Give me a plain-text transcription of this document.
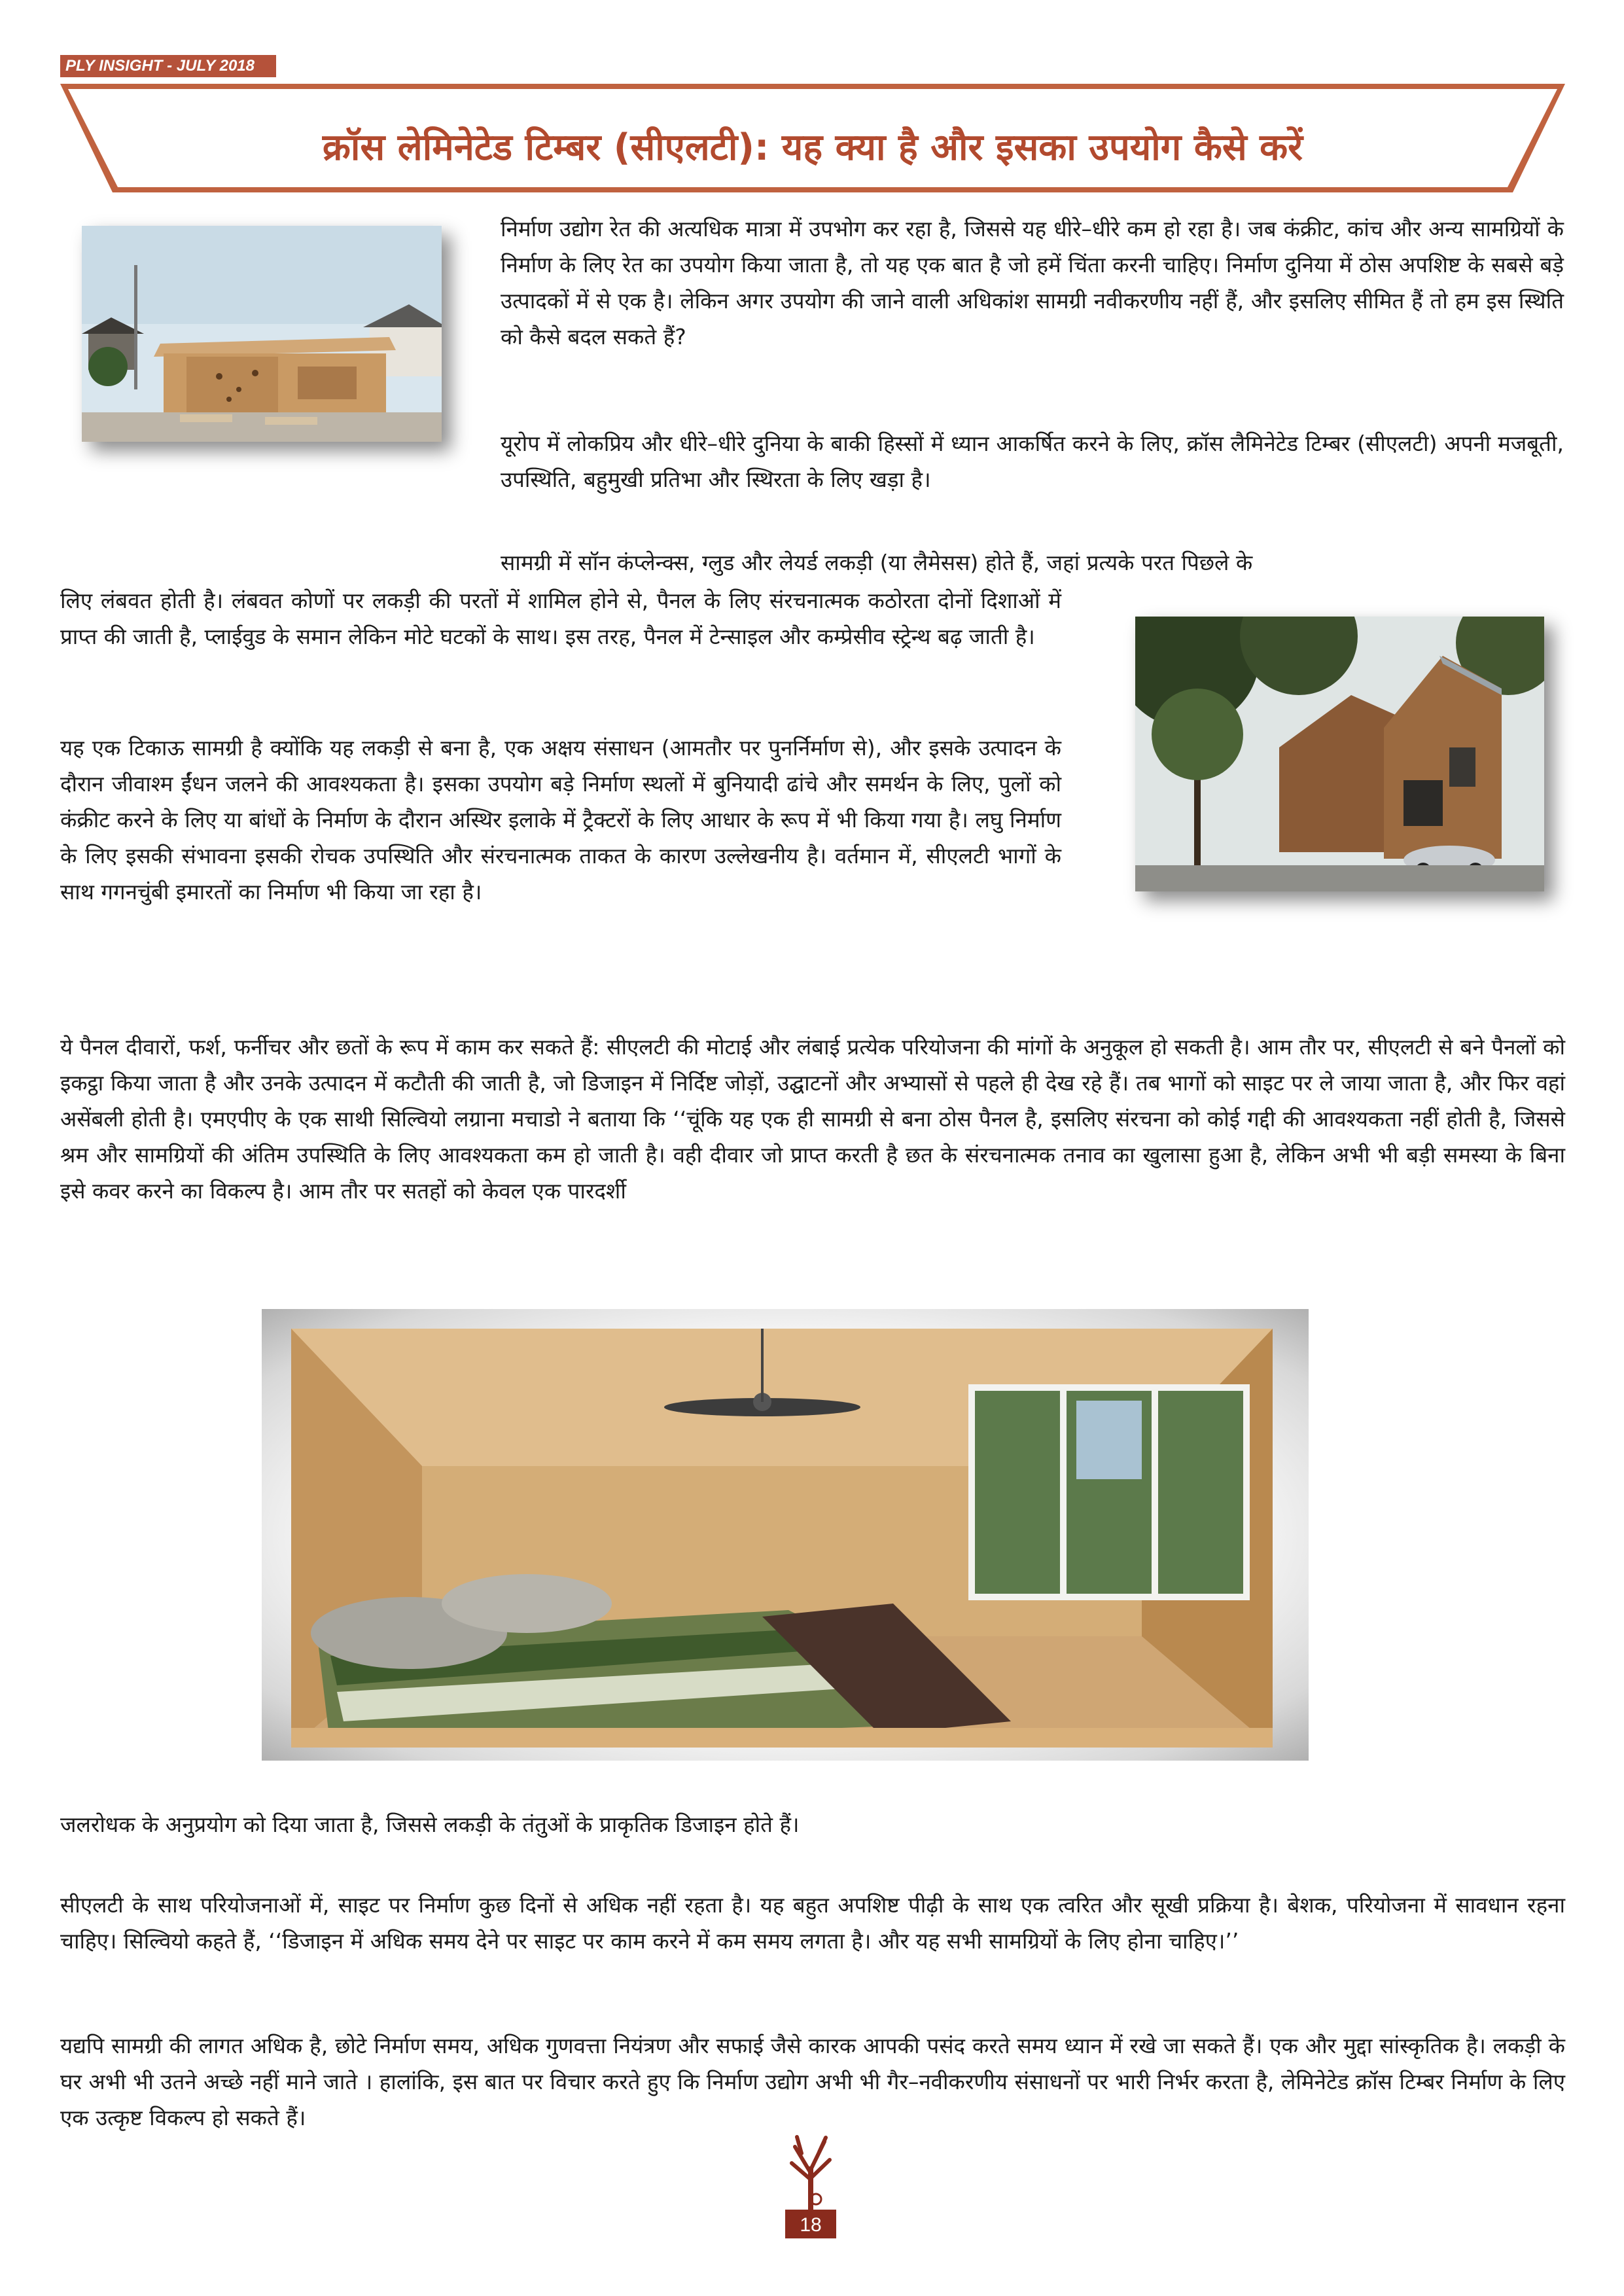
PLY INSIGHT - JULY 2018
क्रॉस लेमिनेटेड टिम्बर (सीएलटी): यह क्या है और इसका उपयोग कैसे करें

निर्माण उद्योग रेत की अत्यधिक मात्रा में उपभोग कर रहा है, जिससे यह धीरे–धीरे कम हो रहा है। जब कंक्रीट, कांच और अन्य सामग्रियों के निर्माण के लिए रेत का उपयोग किया जाता है, तो यह एक बात है जो हमें चिंता करनी चाहिए। निर्माण दुनिया में ठोस अपशिष्ट के सबसे बड़े उत्पादकों में से एक है। लेकिन अगर उपयोग की जाने वाली अधिकांश सामग्री नवीकरणीय नहीं हैं, और इसलिए सीमित हैं तो हम इस स्थिति को कैसे बदल सकते हैं?

यूरोप में लोकप्रिय और धीरे–धीरे दुनिया के बाकी हिस्सों में ध्यान आकर्षित करने के लिए, क्रॉस लैमिनेटेड टिम्बर (सीएलटी) अपनी मजबूती, उपस्थिति, बहुमुखी प्रतिभा और स्थिरता के लिए खड़ा है।

सामग्री में सॉन कंप्लेन्क्स, ग्लुड और लेयर्ड लकड़ी (या लैमेसस) होते हैं, जहां प्रत्यके परत पिछले के

लिए लंबवत होती है। लंबवत कोणों पर लकड़ी की परतों में शामिल होने से, पैनल के लिए संरचनात्मक कठोरता दोनों दिशाओं में प्राप्त की जाती है, प्लाईवुड के समान लेकिन मोटे घटकों के साथ। इस तरह, पैनल में टेन्साइल और कम्प्रेसीव स्ट्रेन्थ बढ़ जाती है।

यह एक टिकाऊ सामग्री है क्योंकि यह लकड़ी से बना है, एक अक्षय संसाधन (आमतौर पर पुनर्निर्माण से), और इसके उत्पादन के दौरान जीवाश्म ईंधन जलने की आवश्यकता है। इसका उपयोग बड़े निर्माण स्थलों में बुनियादी ढांचे और समर्थन के लिए, पुलों को कंक्रीट करने के लिए या बांधों के निर्माण के दौरान अस्थिर इलाके में ट्रैक्टरों के लिए आधार के रूप में भी किया गया है। लघु निर्माण के लिए इसकी संभावना इसकी रोचक उपस्थिति और संरचनात्मक ताकत के कारण उल्लेखनीय है। वर्तमान में, सीएलटी भागों के साथ गगनचुंबी इमारतों का निर्माण भी किया जा रहा है।

ये पैनल दीवारों, फर्श, फर्नीचर और छतों के रूप में काम कर सकते हैं: सीएलटी की मोटाई और लंबाई प्रत्येक परियोजना की मांगों के अनुकूल हो सकती है। आम तौर पर, सीएलटी से बने पैनलों को इकट्ठा किया जाता है और उनके उत्पादन में कटौती की जाती है, जो डिजाइन में निर्दिष्ट जोड़ों, उद्घाटनों और अभ्यासों से पहले ही देख रहे हैं। तब भागों को साइट पर ले जाया जाता है, और फिर वहां असेंबली होती है। एमएपीए के एक साथी सिल्वियो लग्राना मचाडो ने बताया कि ‘‘चूंकि यह एक ही सामग्री से बना ठोस पैनल है, इसलिए संरचना को कोई गद्दी की आवश्यकता नहीं होती है, जिससे श्रम और सामग्रियों की अंतिम उपस्थिति के लिए आवश्यकता कम हो जाती है। वही दीवार जो प्राप्त करती है छत के संरचनात्मक तनाव का खुलासा हुआ है, लेकिन अभी भी बड़ी समस्या के बिना इसे कवर करने का विकल्प है। आम तौर पर सतहों को केवल एक पारदर्शी

जलरोधक के अनुप्रयोग को दिया जाता है, जिससे लकड़ी के तंतुओं के प्राकृतिक डिजाइन होते हैं।

सीएलटी के साथ परियोजनाओं में, साइट पर निर्माण कुछ दिनों से अधिक नहीं रहता है। यह बहुत अपशिष्ट पीढ़ी के साथ एक त्वरित और सूखी प्रक्रिया है। बेशक, परियोजना में सावधान रहना चाहिए। सिल्वियो कहते हैं, ‘‘डिजाइन में अधिक समय देने पर साइट पर काम करने में कम समय लगता है। और यह सभी सामग्रियों के लिए होना चाहिए।’’

यद्यपि सामग्री की लागत अधिक है, छोटे निर्माण समय, अधिक गुणवत्ता नियंत्रण और सफाई जैसे कारक आपकी पसंद करते समय ध्यान में रखे जा सकते हैं। एक और मुद्दा सांस्कृतिक है। लकड़ी के घर अभी भी उतने अच्छे नहीं माने जाते । हालांकि, इस बात पर विचार करते हुए कि निर्माण उद्योग अभी भी गैर–नवीकरणीय संसाधनों पर भारी निर्भर करता है, लेमिनेटेड क्रॉस टिम्बर निर्माण के लिए एक उत्कृष्ट विकल्प हो सकते हैं।

18
